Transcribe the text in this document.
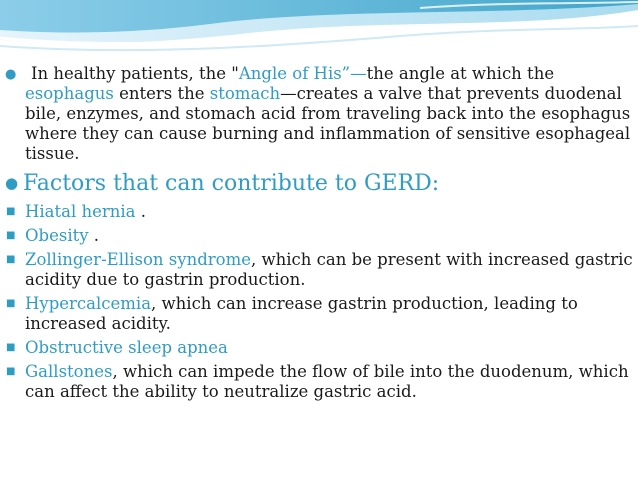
● In healthy patients, the "Angle of His”—the angle at which the esophagus enters the stomach—creates a valve that prevents duodenal bile, enzymes, and stomach acid from traveling back into the esophagus where they can cause burning and inflammation of sensitive esophageal tissue.
● Factors that can contribute to GERD:
■ Hiatal hernia .
■ Obesity .
■ Zollinger-Ellison syndrome, which can be present with increased gastric acidity due to gastrin production.
■ Hypercalcemia, which can increase gastrin production, leading to increased acidity.
■ Obstructive sleep apnea
■ Gallstones, which can impede the flow of bile into the duodenum, which can affect the ability to neutralize gastric acid.
